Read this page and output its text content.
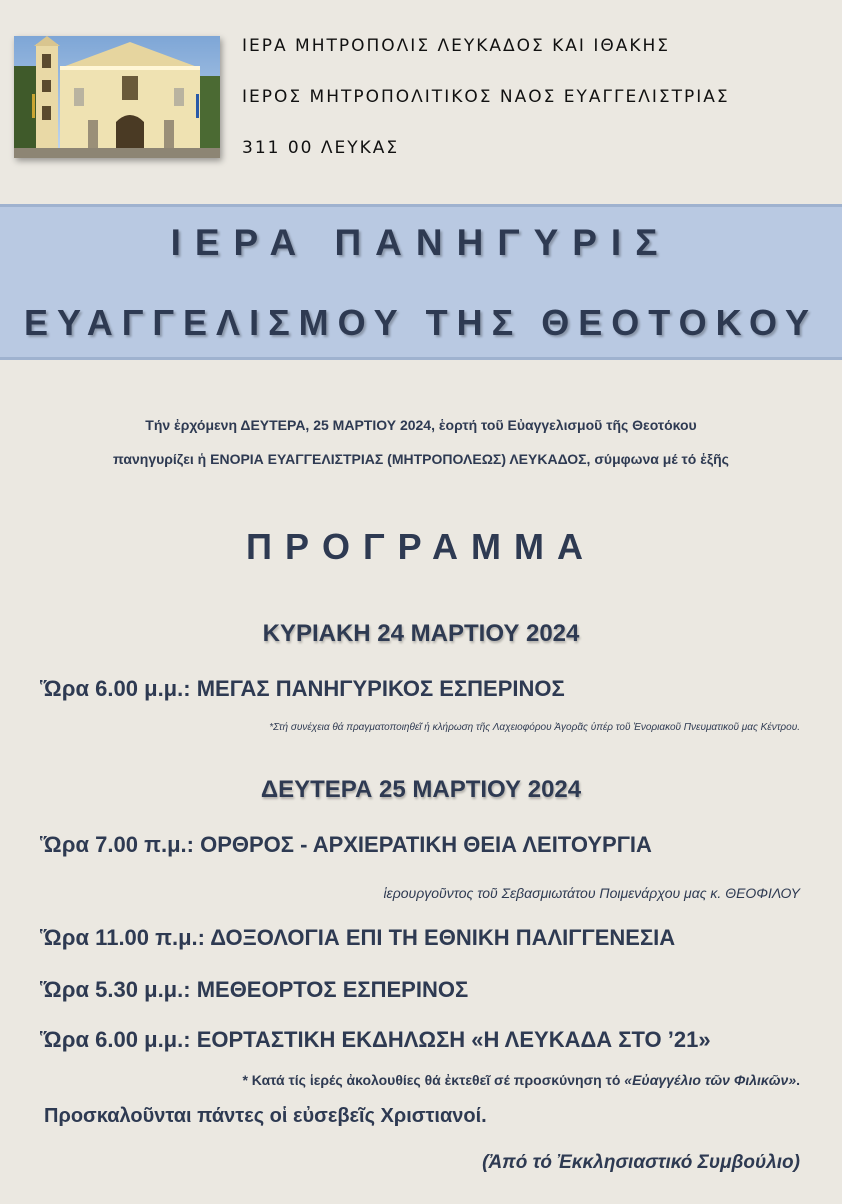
ΙΕΡΑ ΜΗΤΡΟΠΟΛΙΣ ΛΕΥΚΑΔΟΣ ΚΑΙ ΙΘΑΚΗΣ
ΙΕΡΟΣ ΜΗΤΡΟΠΟΛΙΤΙΚΟΣ ΝΑΟΣ ΕΥΑΓΓΕΛΙΣΤΡΙΑΣ
311 00 ΛΕΥΚΑΣ
ΙΕΡΑ ΠΑΝΗΓΥΡΙΣ
ΕΥΑΓΓΕΛΙΣΜΟΥ ΤΗΣ ΘΕΟΤΟΚΟΥ
Τήν ἐρχόμενη ΔΕΥΤΕΡΑ, 25 ΜΑΡΤΙΟΥ 2024, ἑορτή τοῦ Εὐαγγελισμοῦ τῆς Θεοτόκου
πανηγυρίζει ἡ ΕΝΟΡΙΑ ΕΥΑΓΓΕΛΙΣΤΡΙΑΣ (ΜΗΤΡΟΠΟΛΕΩΣ) ΛΕΥΚΑΔΟΣ, σύμφωνα μέ τό ἑξῆς
ΠΡΟΓΡΑΜΜΑ
ΚΥΡΙΑΚΗ 24 ΜΑΡΤΙΟΥ 2024
Ὥρα 6.00 μ.μ.: ΜΕΓΑΣ ΠΑΝΗΓΥΡΙΚΟΣ ΕΣΠΕΡΙΝΟΣ
*Στή συνέχεια θά πραγματοποιηθεῖ ἡ κλήρωση τῆς Λαχειοφόρου Ἀγορᾶς ὑπέρ τοῦ Ἐνοριακοῦ Πνευματικοῦ μας Κέντρου.
ΔΕΥΤΕΡΑ 25 ΜΑΡΤΙΟΥ 2024
Ὥρα 7.00 π.μ.: ΟΡΘΡΟΣ - ΑΡΧΙΕΡΑΤΙΚΗ ΘΕΙΑ ΛΕΙΤΟΥΡΓΙΑ
ἱερουργοῦντος τοῦ Σεβασμιωτάτου Ποιμενάρχου μας κ. ΘΕΟΦΙΛΟΥ
Ὥρα 11.00 π.μ.: ΔΟΞΟΛΟΓΙΑ ΕΠΙ ΤΗ ΕΘΝΙΚΗ ΠΑΛΙΓΓΕΝΕΣΙΑ
Ὥρα 5.30 μ.μ.: ΜΕΘΕΟΡΤΟΣ ΕΣΠΕΡΙΝΟΣ
Ὥρα 6.00 μ.μ.: ΕΟΡΤΑΣΤΙΚΗ ΕΚΔΗΛΩΣΗ «Η ΛΕΥΚΑΔΑ ΣΤΟ ’21»
* Κατά τίς ἱερές ἀκολουθίες θά ἐκτεθεῖ σέ προσκύνηση τό «Εὐαγγέλιο τῶν Φιλικῶν».
Προσκαλοῦνται πάντες οἱ εὐσεβεῖς Χριστιανοί.
(Ἀπό τό Ἐκκλησιαστικό Συμβούλιο)
